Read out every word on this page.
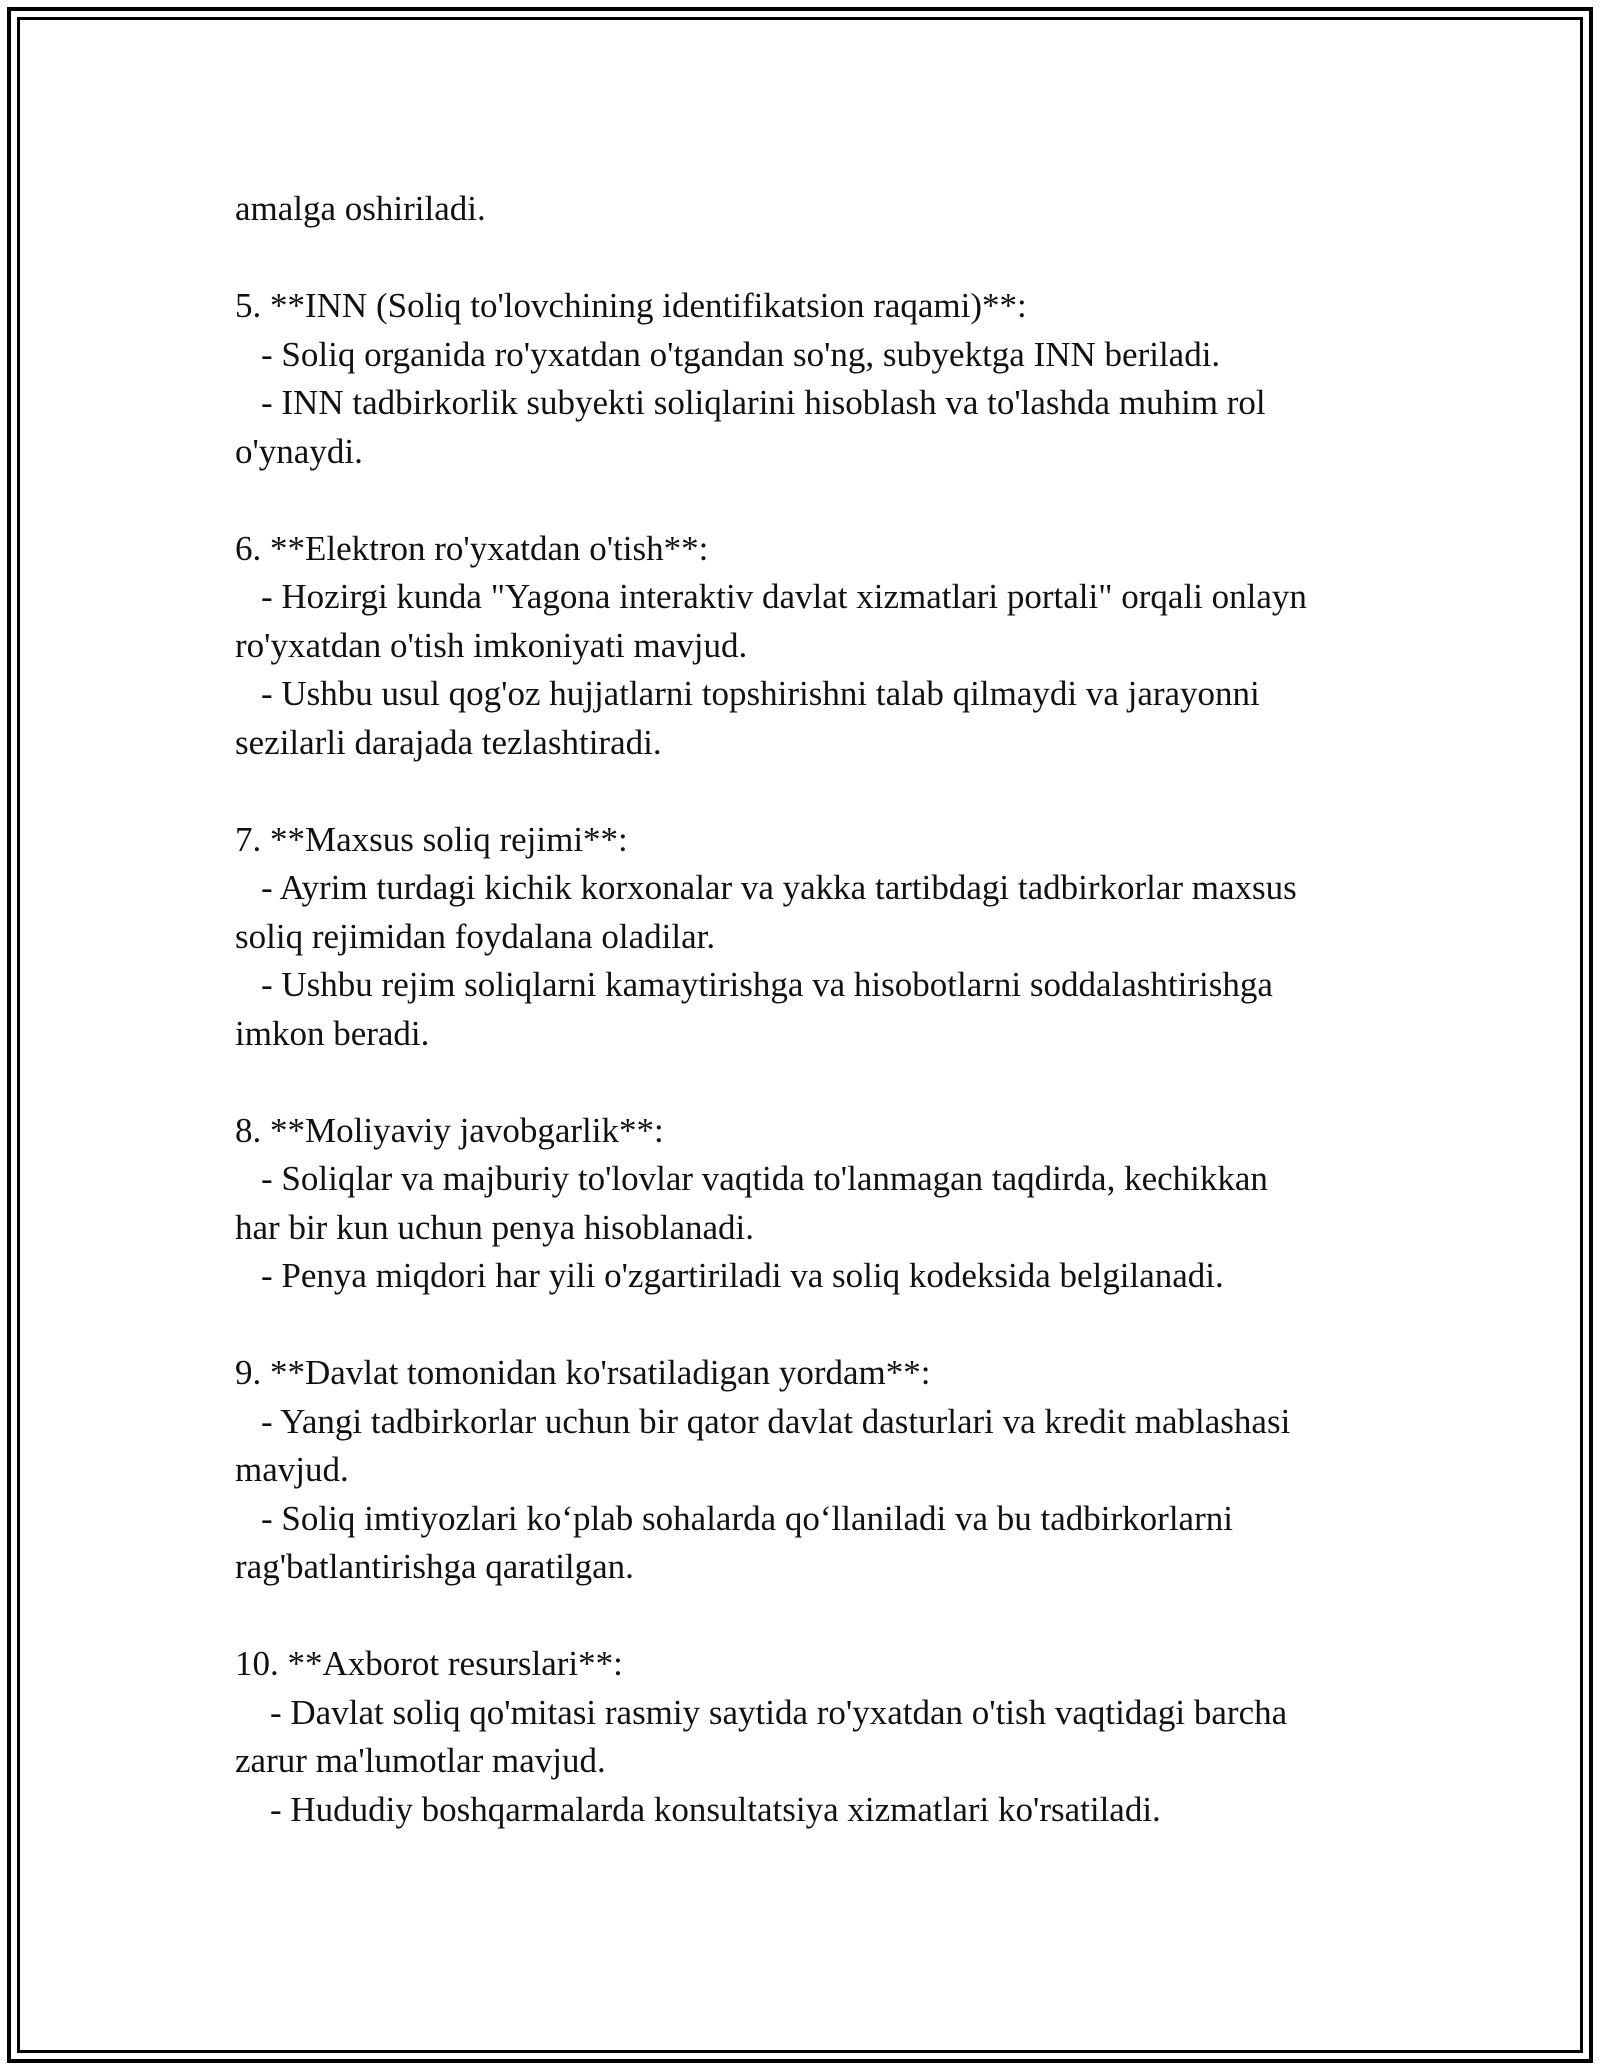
amalga oshiriladi.
5. **INN (Soliq to'lovchining identifikatsion raqami)**:
- Soliq organida ro'yxatdan o'tgandan so'ng, subyektga INN beriladi.
- INN tadbirkorlik subyekti soliqlarini hisoblash va to'lashda muhim rol
o'ynaydi.
6. **Elektron ro'yxatdan o'tish**:
- Hozirgi kunda "Yagona interaktiv davlat xizmatlari portali" orqali onlayn
ro'yxatdan o'tish imkoniyati mavjud.
- Ushbu usul qog'oz hujjatlarni topshirishni talab qilmaydi va jarayonni
sezilarli darajada tezlashtiradi.
7. **Maxsus soliq rejimi**:
- Ayrim turdagi kichik korxonalar va yakka tartibdagi tadbirkorlar maxsus
soliq rejimidan foydalana oladilar.
- Ushbu rejim soliqlarni kamaytirishga va hisobotlarni soddalashtirishga
imkon beradi.
8. **Moliyaviy javobgarlik**:
- Soliqlar va majburiy to'lovlar vaqtida to'lanmagan taqdirda, kechikkan
har bir kun uchun penya hisoblanadi.
- Penya miqdori har yili o'zgartiriladi va soliq kodeksida belgilanadi.
9. **Davlat tomonidan ko'rsatiladigan yordam**:
- Yangi tadbirkorlar uchun bir qator davlat dasturlari va kredit mablashasi
mavjud.
- Soliq imtiyozlari ko‘plab sohalarda qo‘llaniladi va bu tadbirkorlarni
rag'batlantirishga qaratilgan.
10. **Axborot resurslari**:
- Davlat soliq qo'mitasi rasmiy saytida ro'yxatdan o'tish vaqtidagi barcha
zarur ma'lumotlar mavjud.
- Hududiy boshqarmalarda konsultatsiya xizmatlari ko'rsatiladi.
